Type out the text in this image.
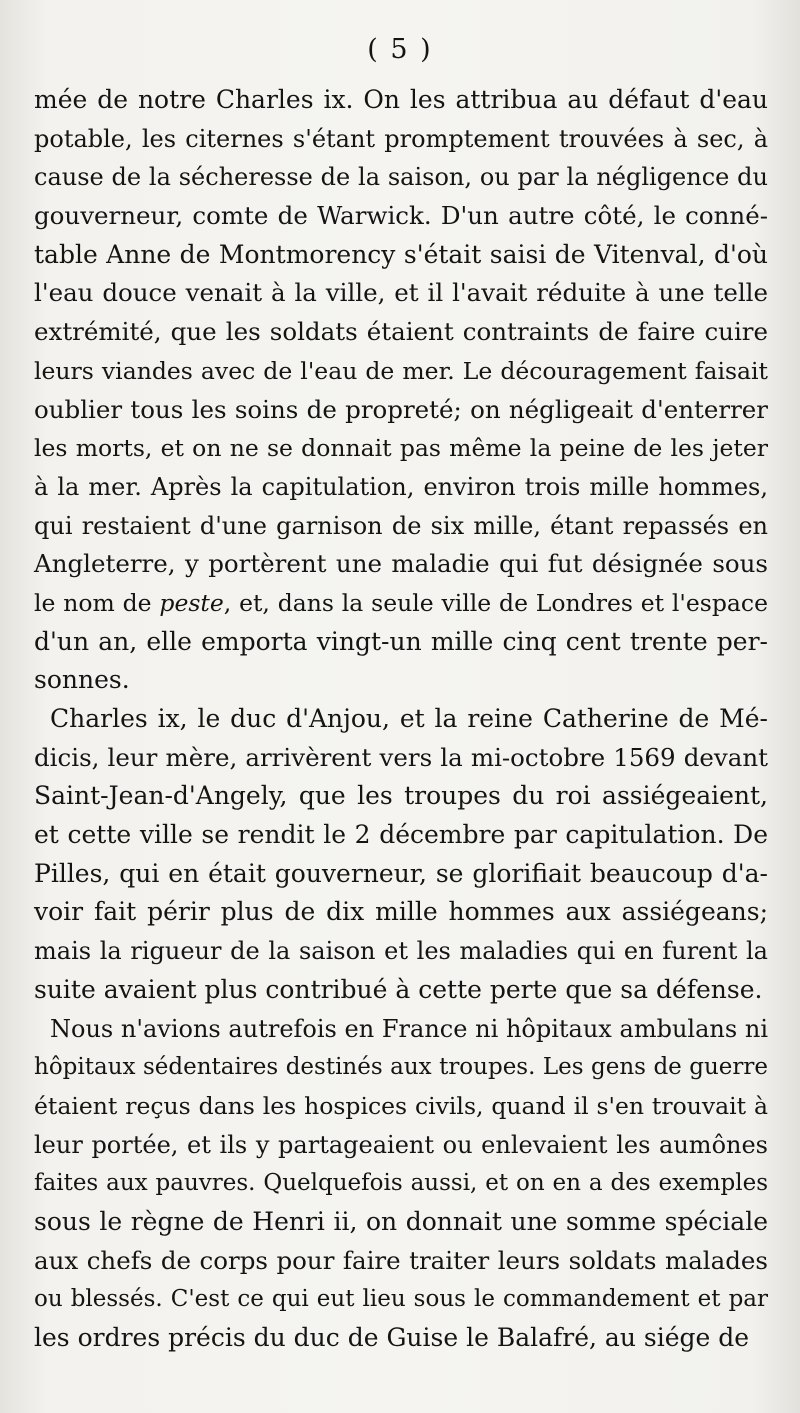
( 5 )

mée de notre Charles ix. On les attribua au défaut d'eau
potable, les citernes s'étant promptement trouvées à sec, à
cause de la sécheresse de la saison, ou par la négligence du
gouverneur, comte de Warwick. D'un autre côté, le conné-
table Anne de Montmorency s'était saisi de Vitenval, d'où
l'eau douce venait à la ville, et il l'avait réduite à une telle
extrémité, que les soldats étaient contraints de faire cuire
leurs viandes avec de l'eau de mer. Le découragement faisait
oublier tous les soins de propreté; on négligeait d'enterrer
les morts, et on ne se donnait pas même la peine de les jeter
à la mer. Après la capitulation, environ trois mille hommes,
qui restaient d'une garnison de six mille, étant repassés en
Angleterre, y portèrent une maladie qui fut désignée sous
le nom de peste, et, dans la seule ville de Londres et l'espace
d'un an, elle emporta vingt-un mille cinq cent trente per-
sonnes.

Charles ix, le duc d'Anjou, et la reine Catherine de Mé-
dicis, leur mère, arrivèrent vers la mi-octobre 1569 devant
Saint-Jean-d'Angely, que les troupes du roi assiégeaient,
et cette ville se rendit le 2 décembre par capitulation. De
Pilles, qui en était gouverneur, se glorifiait beaucoup d'a-
voir fait périr plus de dix mille hommes aux assiégeans;
mais la rigueur de la saison et les maladies qui en furent la
suite avaient plus contribué à cette perte que sa défense.

Nous n'avions autrefois en France ni hôpitaux ambulans ni
hôpitaux sédentaires destinés aux troupes. Les gens de guerre
étaient reçus dans les hospices civils, quand il s'en trouvait à
leur portée, et ils y partageaient ou enlevaient les aumônes
faites aux pauvres. Quelquefois aussi, et on en a des exemples
sous le règne de Henri ii, on donnait une somme spéciale
aux chefs de corps pour faire traiter leurs soldats malades
ou blessés. C'est ce qui eut lieu sous le commandement et par
les ordres précis du duc de Guise le Balafré, au siége de
